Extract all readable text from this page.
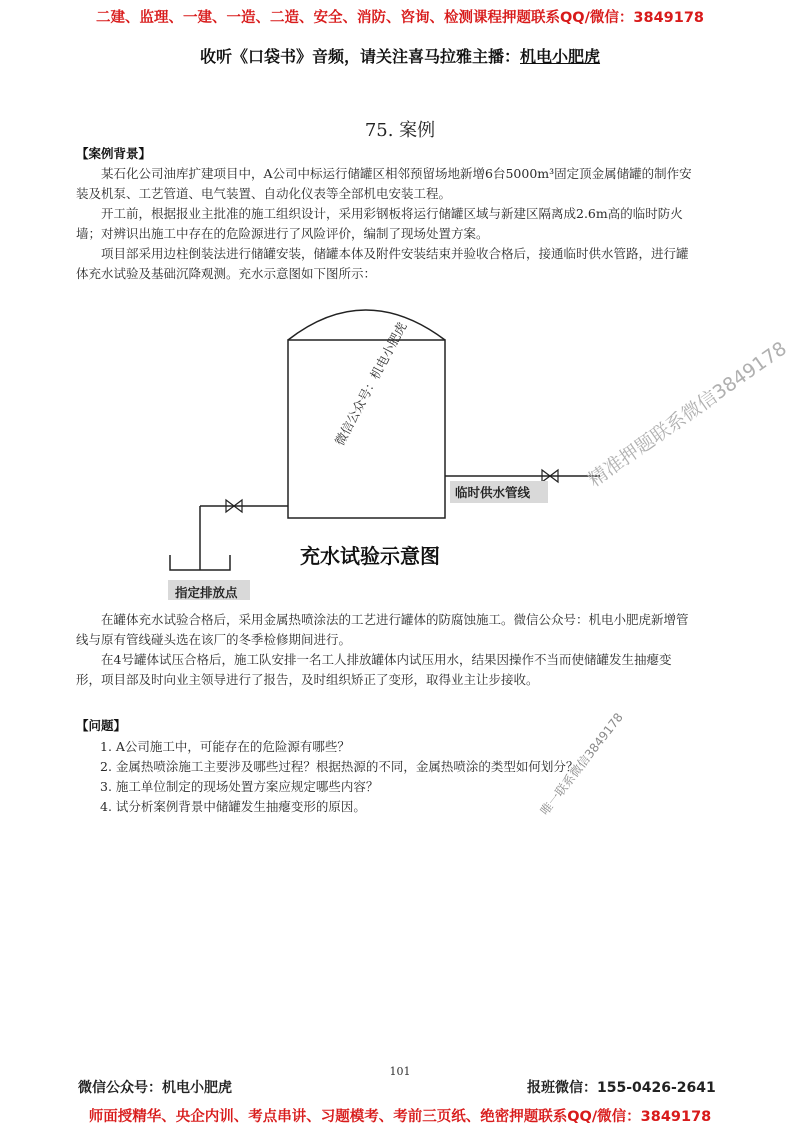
二建、监理、一建、一造、二造、安全、消防、咨询、检测课程押题联系QQ/微信：3849178
收听《口袋书》音频，请关注喜马拉雅主播：机电小肥虎
75. 案例
【案例背景】

某石化公司油库扩建项目中，A公司中标运行储罐区相邻预留场地新增6台5000m³固定顶金属储罐的制作安装及机泵、工艺管道、电气装置、自动化仪表等全部机电安装工程。

开工前，根据报业主批准的施工组织设计，采用彩钢板将运行储罐区域与新建区隔离成2.6m高的临时防火墙；对辨识出施工中存在的危险源进行了风险评价，编制了现场处置方案。

项目部采用边柱倒装法进行储罐安装，储罐本体及附件安装结束并验收合格后，接通临时供水管路，进行罐体充水试验及基础沉降观测。充水示意图如下图所示：

临时供水管线
指定排放点
充水试验示意图
微信公众号：机电小肥虎

在罐体充水试验合格后，采用金属热喷涂法的工艺进行罐体的防腐蚀施工。微信公众号：机电小肥虎新增管线与原有管线碰头选在该厂的冬季检修期间进行。

在4号罐体试压合格后，施工队安排一名工人排放罐体内试压用水，结果因操作不当而使储罐发生抽瘪变形，项目部及时向业主领导进行了报告，及时组织矫正了变形，取得业主让步接收。

【问题】
1. A公司施工中，可能存在的危险源有哪些？
2. 金属热喷涂施工主要涉及哪些过程？根据热源的不同，金属热喷涂的类型如何划分？
3. 施工单位制定的现场处置方案应规定哪些内容？
4. 试分析案例背景中储罐发生抽瘪变形的原因。
精准押题联系微信3849178
唯一联系微信3849178
101
微信公众号：机电小肥虎	报班微信：155-0426-2641
师面授精华、央企内训、考点串讲、习题模考、考前三页纸、绝密押题联系QQ/微信：3849178
